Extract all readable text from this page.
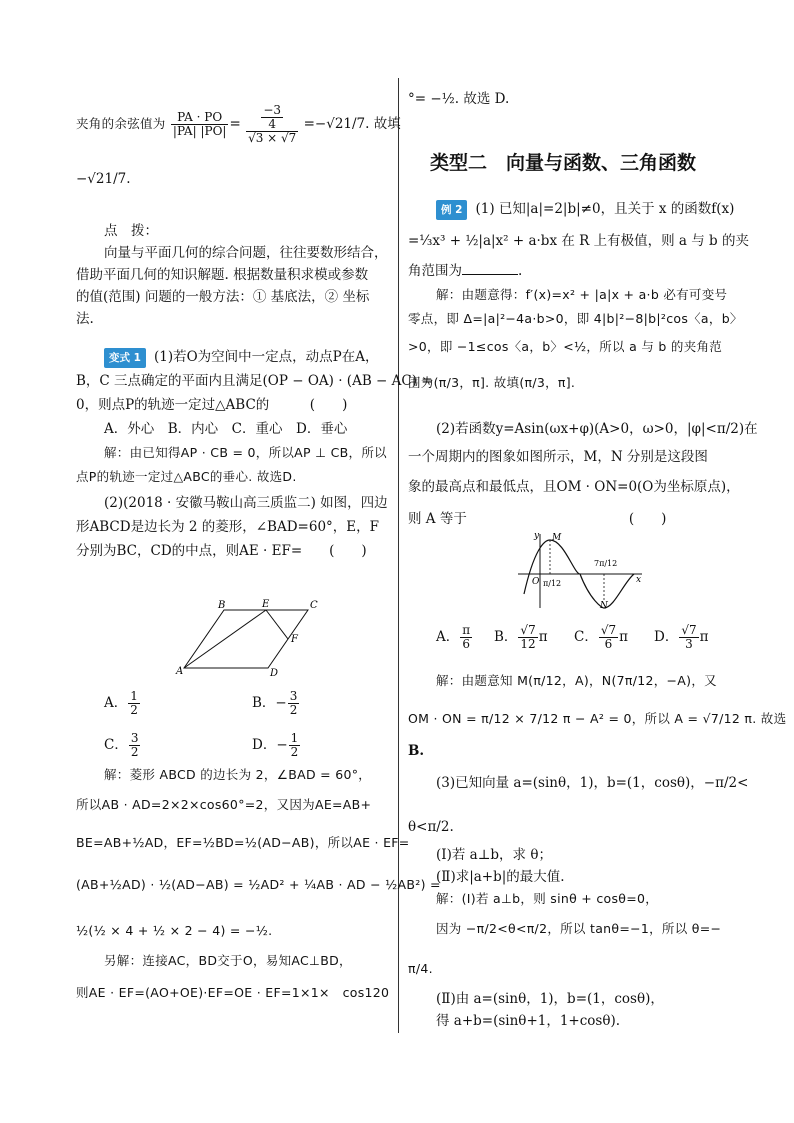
夹角的余弦值为 $\frac{PA \cdot PO}{|PA| |PO|} = \frac{\frac{-3}{4}}{√3 \times √7} =-√21/7$. 故填
−√21/7.
点　拨：
向量与平面几何的综合问题，往往要数形结合，
借助平面几何的知识解题. 根据数量积求模或参数
的值(范围) 问题的一般方法：① 基底法，② 坐标
法.
变式 1 (1)若O为空间中一定点，动点P在A，
B，C 三点确定的平面内且满足(OP − OA) · (AB − AC) =
0，则点P的轨迹一定过△ABC的　　　(　　)
A．外心　B．内心　C．重心　D．垂心
解：由已知得AP · CB = 0，所以AP ⊥ CB，所以
点P的轨迹一定过△ABC的垂心. 故选D.
(2)(2018 · 安徽马鞍山高三质监二) 如图，四边
形ABCD是边长为 2 的菱形，∠BAD=60°，E，F
分别为BC，CD的中点，则AE · EF=　　(　　)
B	E	C
F
A	D
A． $\frac{1}{2}$	B．− $\frac{3}{2}$
C． $\frac{3}{2}$	D．− $\frac{1}{2}$
解：菱形 ABCD 的边长为 2，∠BAD = 60°，
所以AB · AD=2×2×cos60°=2，又因为AE=AB+
BE=AB+½AD，EF=½BD=½(AD−AB)，所以AE · EF=
(AB+½AD) · ½(AD−AB) = ½AD² + ¼AB · AD − ½AB²) =
½(½ × 4 + ½ × 2 − 4) = −½.
另解：连接AC，BD交于O，易知AC⊥BD，
则AE · EF=(AO+OE)·EF=OE · EF=1×1×　cos120
°= −½. 故选 D.
类型二　向量与函数、三角函数
例 2 (1) 已知|a|=2|b|≠0，且关于 x 的函数f(x)
=⅓x³ + ½|a|x² + a·bx 在 R 上有极值，则 a 与 b 的夹
角范围为	.
解：由题意得：f′(x)=x² + |a|x + a·b 必有可变号
零点，即 Δ=|a|²−4a·b>0，即 4|b|²−8|b|²cos〈a，b〉
>0，即 −1≤cos〈a，b〉<½，所以 a 与 b 的夹角范
围为(π/3，π]. 故填(π/3，π].
(2)若函数y=Asin(ωx+φ)(A>0，ω>0，|φ|<π/2)在
一个周期内的图象如图所示，M，N 分别是这段图
象的最高点和最低点，且OM · ON=0(O为坐标原点)，
则 A 等于　　　　　　　　　　　　(　　)
y M
O π/12
7π/12
x
N
A． $\frac{\pi}{6}$ B． $\frac{√7}{12}$ π C． $\frac{√7}{6}$ π D． $\frac{√7}{3}$ π
解：由题意知 M(π/12，A)，N(7π/12，−A)，又
OM · ON = π/12 × 7/12 π − A² = 0，所以 A = √7/12 π. 故选
B.
(3)已知向量 a=(sinθ，1)，b=(1，cosθ)，−π/2<
θ<π/2.
(Ⅰ)若 a⊥b，求 θ；
(Ⅱ)求|a+b|的最大值.
解：(Ⅰ)若 a⊥b，则 sinθ + cosθ=0，
因为 −π/2<θ<π/2，所以 tanθ=−1，所以 θ=−
π/4.
(Ⅱ)由 a=(sinθ，1)，b=(1，cosθ)，
得 a+b=(sinθ+1，1+cosθ).
